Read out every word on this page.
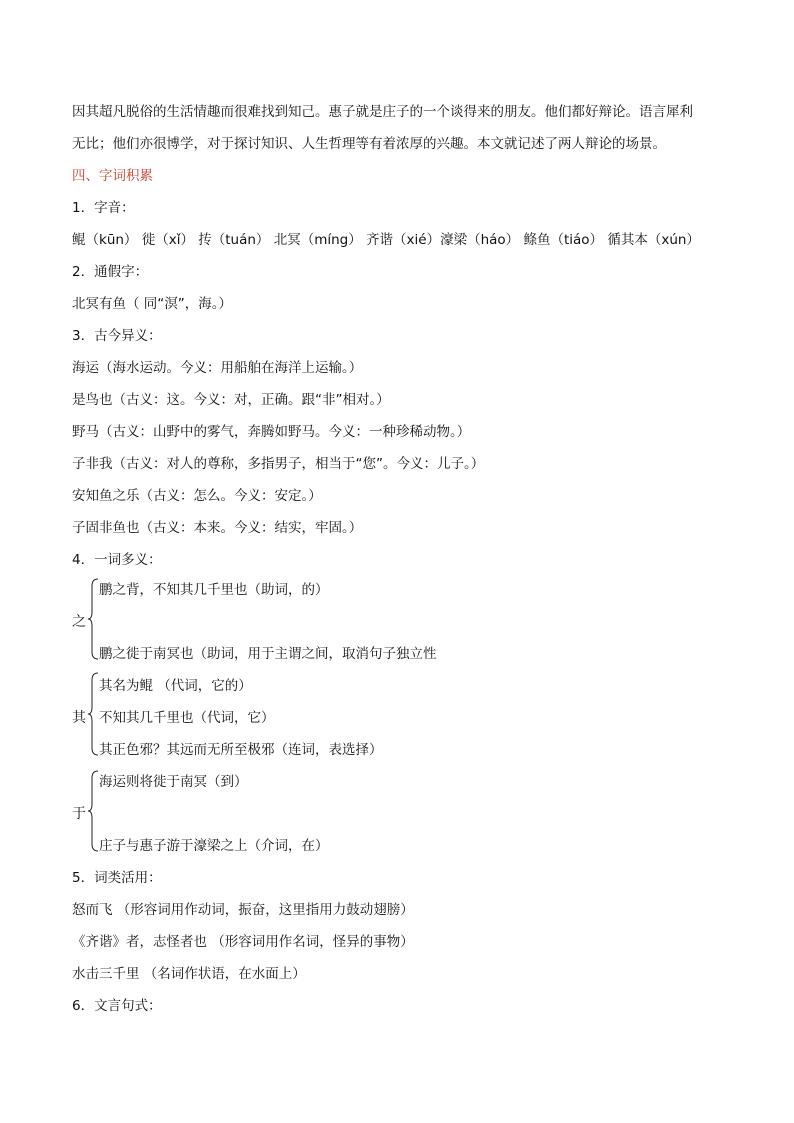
因其超凡脱俗的生活情趣而很难找到知己。惠子就是庄子的一个谈得来的朋友。他们都好辩论。语言犀利
无比；他们亦很博学，对于探讨知识、人生哲理等有着浓厚的兴趣。本文就记述了两人辩论的场景。
四、字词积累
1．字音：
鲲（kūn） 徙（xǐ） 抟（tuán） 北冥（míng） 齐谐（xié）濠梁（háo） 鲦鱼（tiáo） 循其本（xún）
2．通假字：
北冥有鱼（ 同“溟”，海。）
3．古今异义：
海运（海水运动。今义：用船舶在海洋上运输。）
是鸟也（古义：这。今义：对，正确。跟“非”相对。）
野马（古义：山野中的雾气，奔腾如野马。今义：一种珍稀动物。）
子非我（古义：对人的尊称，多指男子，相当于“您”。今义：儿子。）
安知鱼之乐（古义：怎么。今义：安定。）
子固非鱼也（古义：本来。今义：结实，牢固。）
4．一词多义：
之
鹏之背，不知其几千里也（助词，的）
鹏之徙于南冥也（助词，用于主谓之间，取消句子独立性
其
其名为鲲 （代词，它的）
不知其几千里也（代词，它）
其正色邪？其远而无所至极邪（连词，表选择）
于
海运则将徙于南冥（到）
庄子与惠子游于濠梁之上（介词，在）
5．词类活用：
怒而飞 （形容词用作动词，振奋，这里指用力鼓动翅膀）
《齐谐》者，志怪者也 （形容词用作名词，怪异的事物）
水击三千里 （名词作状语，在水面上）
6．文言句式：
